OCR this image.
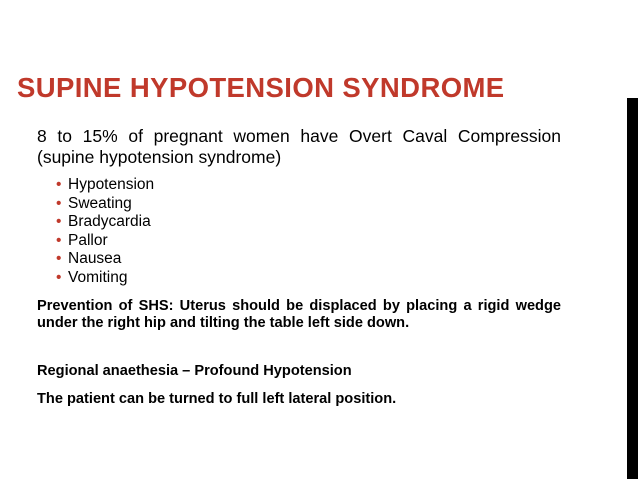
SUPINE HYPOTENSION SYNDROME
8 to 15% of pregnant women have Overt Caval Compression (supine hypotension syndrome)
• Hypotension
• Sweating
• Bradycardia
• Pallor
• Nausea
• Vomiting
Prevention of SHS: Uterus should be displaced by placing a rigid wedge under the right hip and tilting the table left side down.
Regional anaethesia – Profound Hypotension
The patient can be turned to full left lateral position.
